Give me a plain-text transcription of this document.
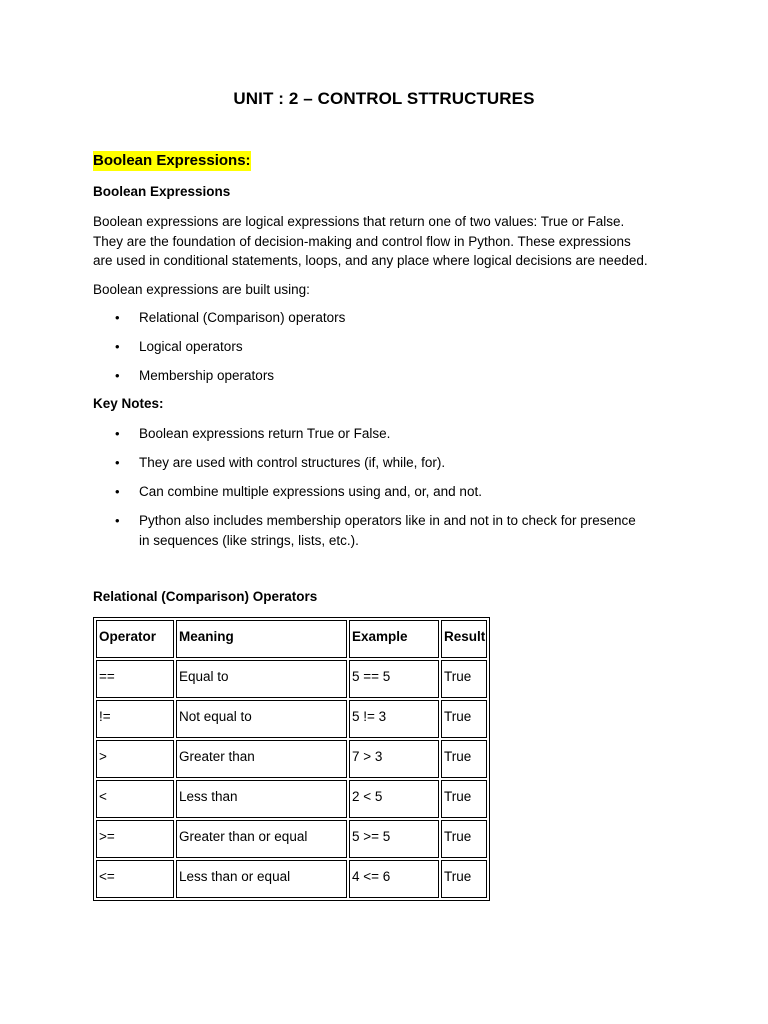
UNIT : 2 – CONTROL STTRUCTURES
Boolean Expressions:
Boolean Expressions
Boolean expressions are logical expressions that return one of two values: True or False.
They are the foundation of decision-making and control flow in Python. These expressions
are used in conditional statements, loops, and any place where logical decisions are needed.
Boolean expressions are built using:
• Relational (Comparison) operators
• Logical operators
• Membership operators
Key Notes:
• Boolean expressions return True or False.
• They are used with control structures (if, while, for).
• Can combine multiple expressions using and, or, and not.
• Python also includes membership operators like in and not in to check for presence
in sequences (like strings, lists, etc.).
Relational (Comparison) Operators
Operator	Meaning	Example	Result
==	Equal to	5 == 5	True
!=	Not equal to	5 != 3	True
>	Greater than	7 > 3	True
<	Less than	2 < 5	True
>=	Greater than or equal	5 >= 5	True
<=	Less than or equal	4 <= 6	True
